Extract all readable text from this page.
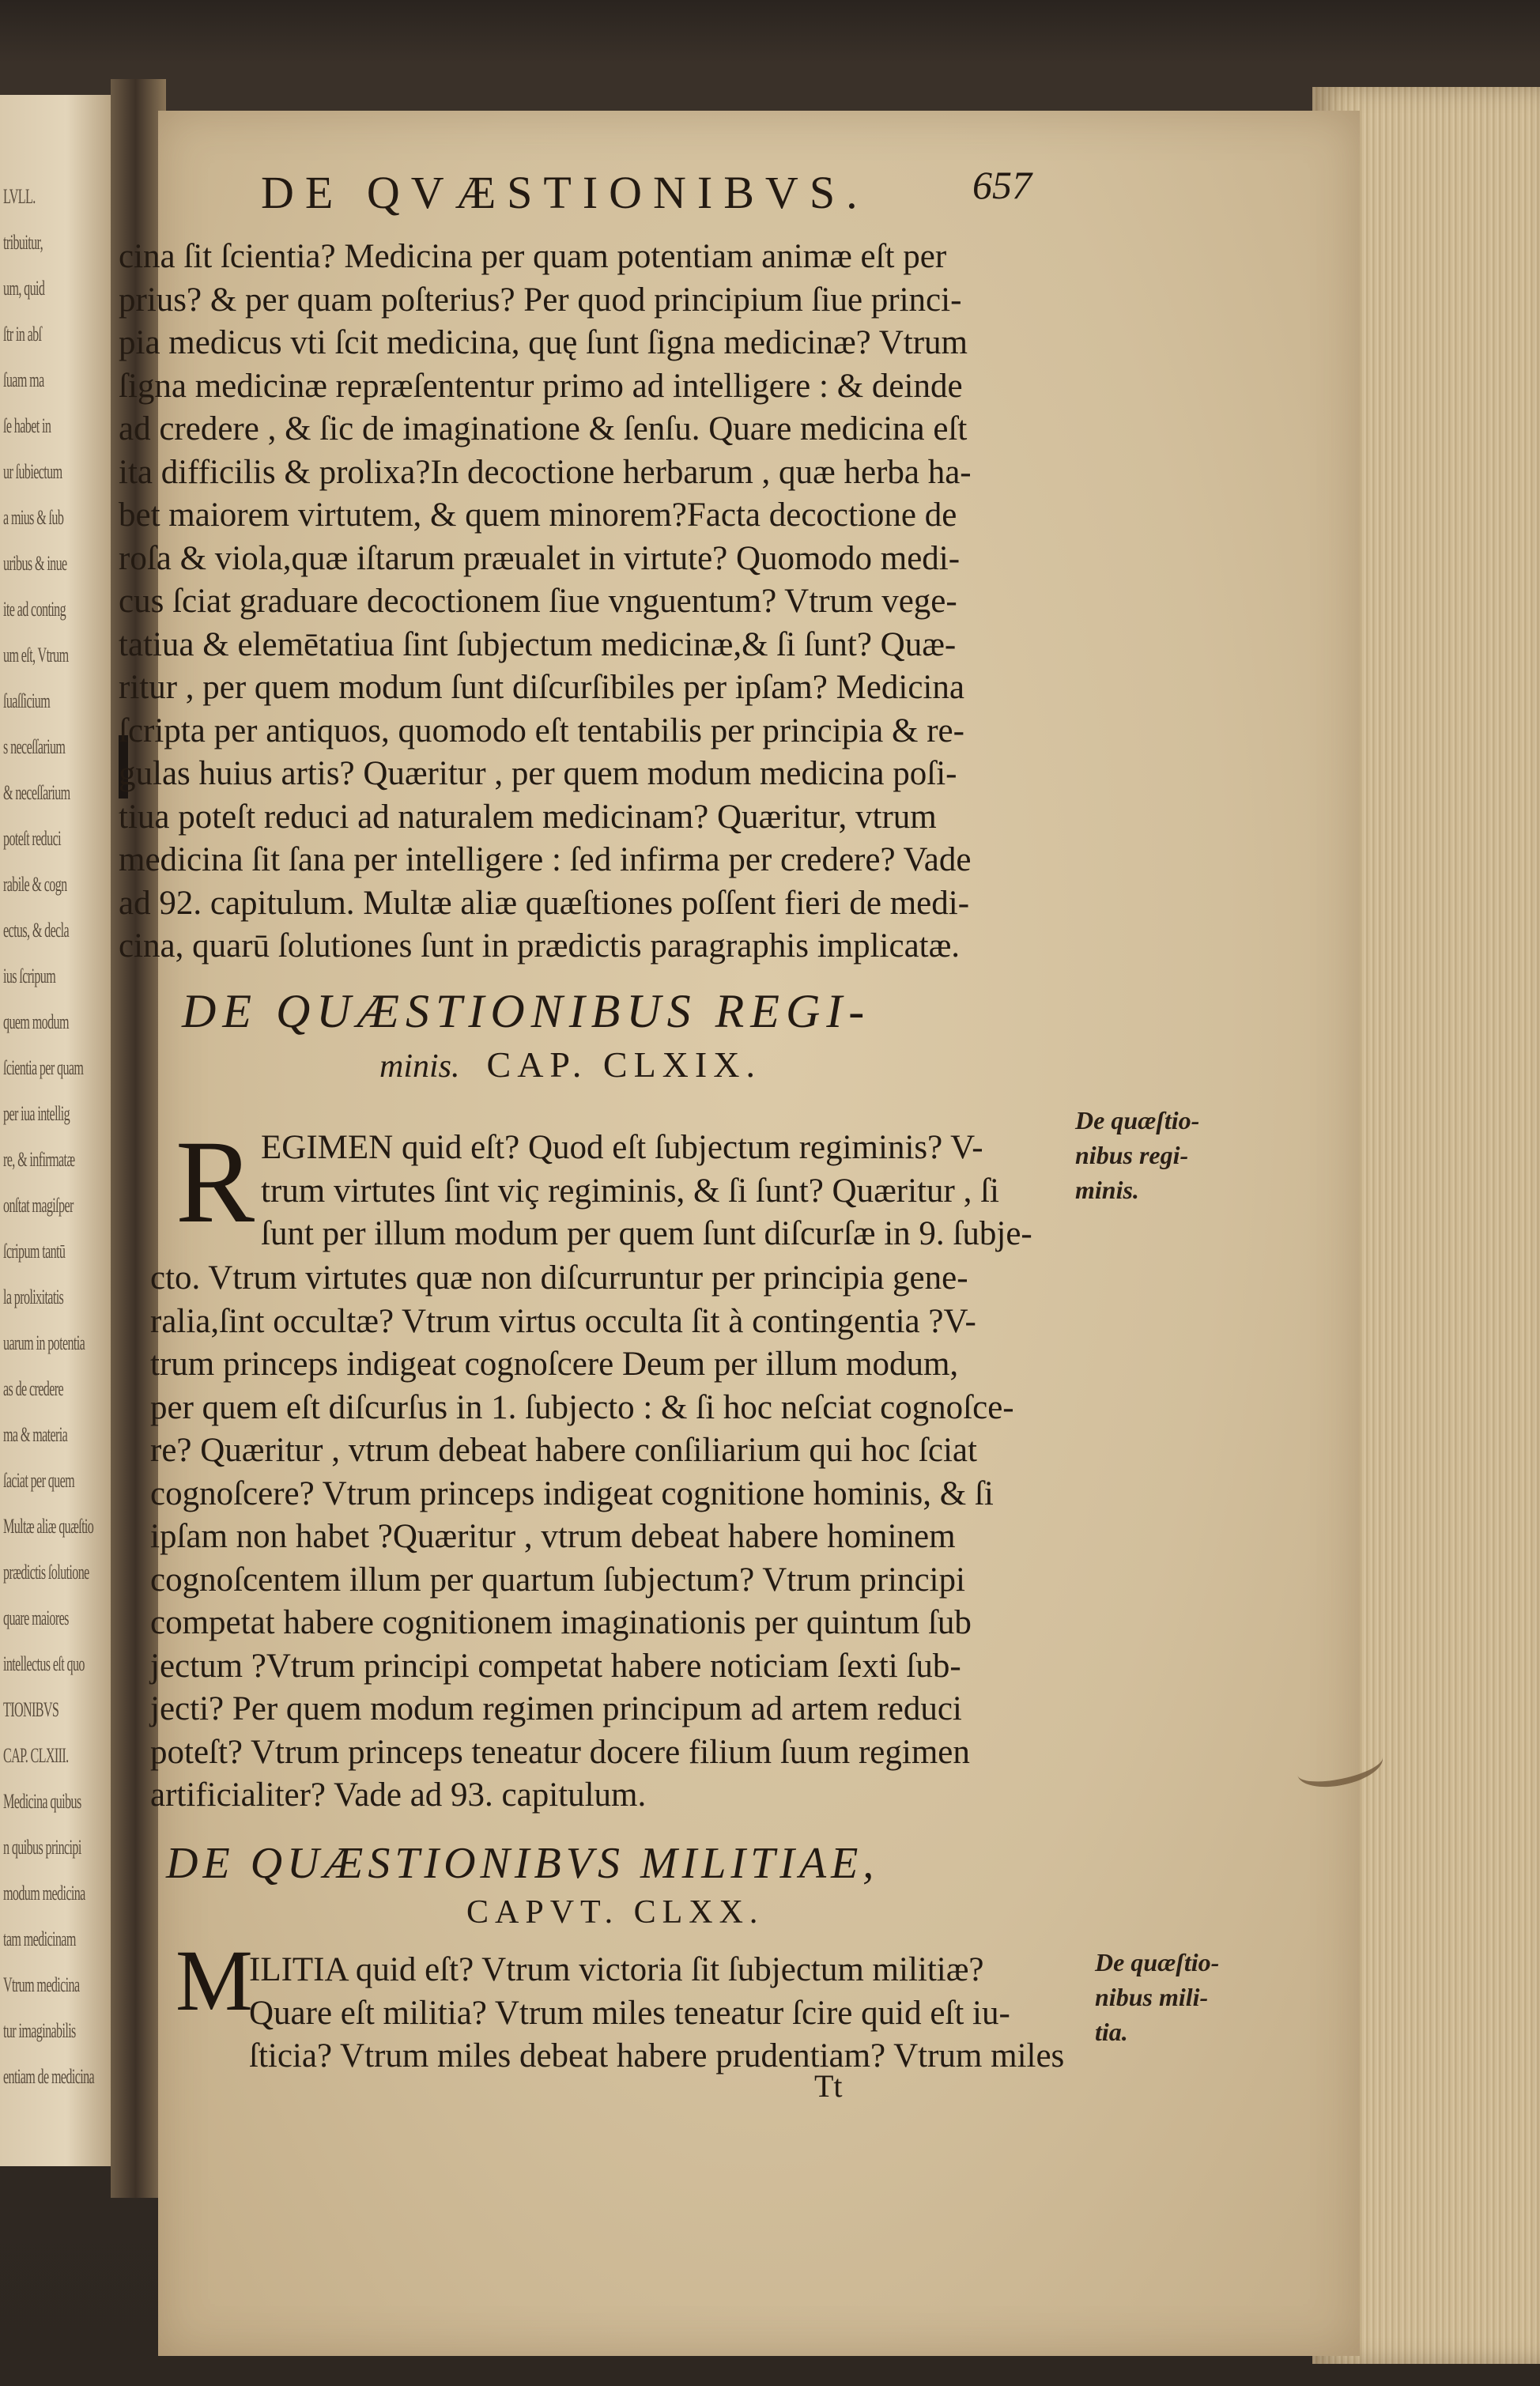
LVLL.
tribuitur,
um, quid
ſtr in abſ
ſuam ma
ſe habet in
ur ſubiectum
a mius & ſub
uribus & inue
ite ad conting
um eſt, Vtrum
ſuaſſicium
s neceſſarium
& neceſſarium
poteſt reduci
rabile & cogn
ectus, & decla
ius ſcripum
quem modum
ſcientia per quam
per iua intellig
re, & infirmatæ
onſtat magiſper
ſcripum tantū
la prolixitatis
uarum in potentia
as de credere
ma & materia
ſaciat per quem
Multæ aliæ quæſtio
prædictis ſolutione
quare maiores
intellectus eſt quo
TIONIBVS
CAP. CLXIII.
Medicina quibus
n quibus principi
modum medicina
tam medicinam
Vtrum medicina
tur imaginabilis
entiam de medicina
DE QVÆSTIONIBVS.	657
cina ſit ſcientia? Medicina per quam potentiam animæ eſt per
prius? & per quam poſterius? Per quod principium ſiue princi-
pia medicus vti ſcit medicina, quę ſunt ſigna medicinæ? Vtrum
ſigna medicinæ repræſententur primo ad intelligere : & deinde
ad credere , & ſic de imaginatione & ſenſu. Quare medicina eſt
ita difficilis & prolixa?In decoctione herbarum , quæ herba ha-
bet maiorem virtutem, & quem minorem?Facta decoctione de
roſa & viola,quæ iſtarum præualet in virtute? Quomodo medi-
cus ſciat graduare decoctionem ſiue vnguentum? Vtrum vege-
tatiua & elemētatiua ſint ſubjectum medicinæ,& ſi ſunt? Quæ-
ritur , per quem modum ſunt diſcurſibiles per ipſam? Medicina
ſcripta per antiquos, quomodo eſt tentabilis per principia & re-
gulas huius artis? Quæritur , per quem modum medicina poſi-
tiua poteſt reduci ad naturalem medicinam? Quæritur, vtrum
medicina ſit ſana per intelligere : ſed infirma per credere? Vade
ad 92. capitulum. Multæ aliæ quæſtiones poſſent fieri de medi-
cina, quarū ſolutiones ſunt in prædictis paragraphis implicatæ.
DE QUÆSTIONIBUS REGI-
minis. CAP. CLXIX.
R EGIMEN quid eſt? Quod eſt ſubjectum regiminis? V-
trum virtutes ſint viç regiminis, & ſi ſunt? Quæritur , ſi
ſunt per illum modum per quem ſunt diſcurſæ in 9. ſubje-
cto. Vtrum virtutes quæ non diſcurruntur per principia gene-
ralia,ſint occultæ? Vtrum virtus occulta ſit à contingentia ?V-
trum princeps indigeat cognoſcere Deum per illum modum,
per quem eſt diſcurſus in 1. ſubjecto : & ſi hoc neſciat cognoſce-
re? Quæritur , vtrum debeat habere conſiliarium qui hoc ſciat
cognoſcere? Vtrum princeps indigeat cognitione hominis, & ſi
ipſam non habet ?Quæritur , vtrum debeat habere hominem
cognoſcentem illum per quartum ſubjectum? Vtrum principi
competat habere cognitionem imaginationis per quintum ſub
jectum ?Vtrum principi competat habere noticiam ſexti ſub-
jecti? Per quem modum regimen principum ad artem reduci
poteſt? Vtrum princeps teneatur docere filium ſuum regimen
artificialiter? Vade ad 93. capitulum.
De quæſtio-
nibus regi-
minis.
DE QUÆSTIONIBVS MILITIAE,
CAPVT. CLXX.
M
ILITIA quid eſt? Vtrum victoria ſit ſubjectum militiæ?
Quare eſt militia? Vtrum miles teneatur ſcire quid eſt iu-
ſticia? Vtrum miles debeat habere prudentiam? Vtrum miles
De quæſtio-
nibus mili-
tia.
Tt
